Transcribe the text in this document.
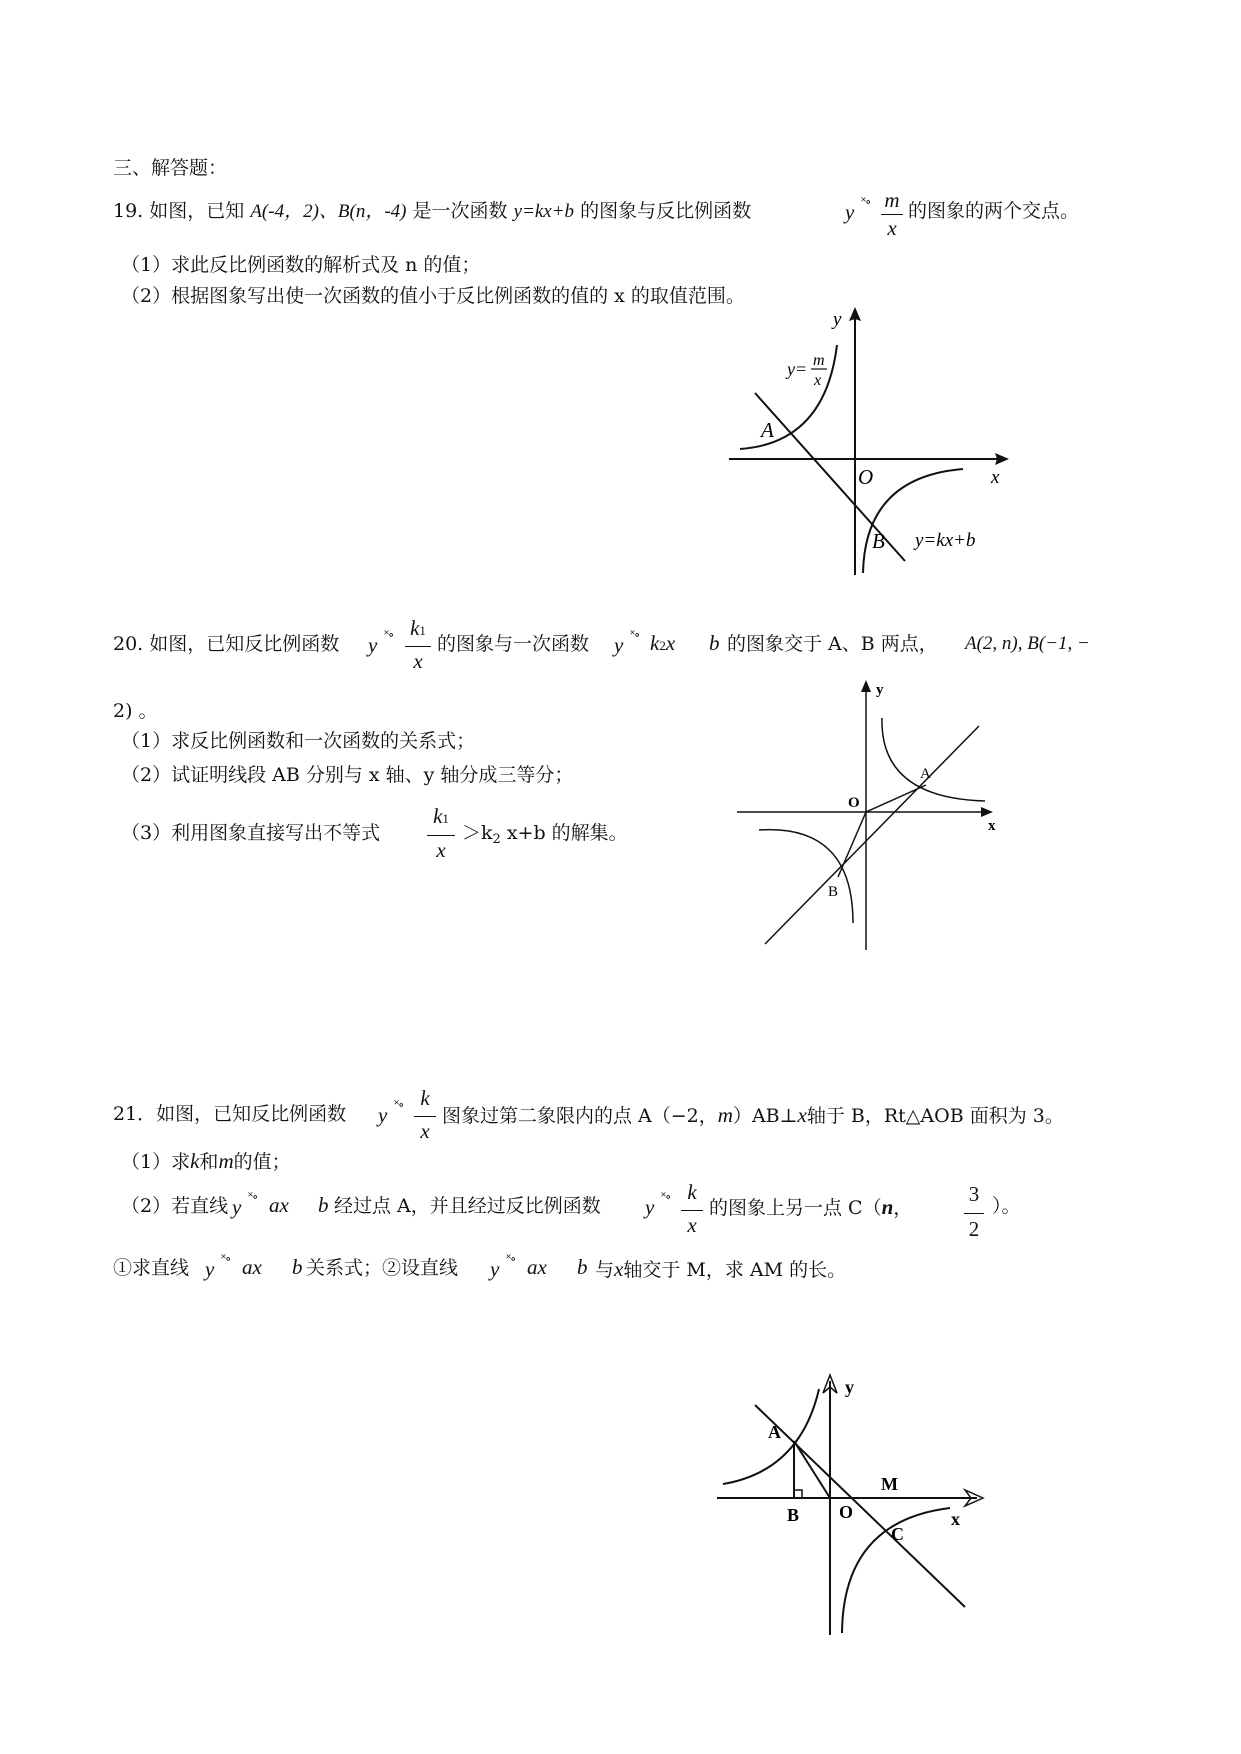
三、解答题：
19. 如图，已知 A(-4，2)、B(n，-4) 是一次函数 y=kx+b 的图象与反比例函数	y ˟∘ m
x
的图象的两个交点。
（1）求此反比例函数的解析式及 n 的值；
（2）根据图象写出使一次函数的值小于反比例函数的值的 x 的取值范围。
y
x
O
A
B
y= m
x
y=kx+b
20. 如图，已知反比例函数 y ˟∘ k1
x
的图象与一次函数 y ˟∘ k2x b 的图象交于 A、B 两点， A(2, n), B(−1, −
2) 。
（1）求反比例函数和一次函数的关系式；
（2）试证明线段 AB 分别与 x 轴、y 轴分成三等分；
（3）利用图象直接写出不等式
k1
x
$>k_2$ x+b 的解集。
y
x
O
A
B
21．如图，已知反比例函数 y ˟∘ k
x
图象过第二象限内的点 A（−2，m）AB⊥x轴于 B，Rt△AOB 面积为 3。
（1）求k和m的值；
（2）若直线 y ˟∘ ax b 经过点 A，并且经过反比例函数 y ˟∘ k
x
的图象上另一点 C（n，
3
2
）。
①求直线 y ˟∘ ax b 关系式；②设直线 y ˟∘ ax b 与x轴交于 M，求 AM 的长。
y
x
O
A
B
C
M
